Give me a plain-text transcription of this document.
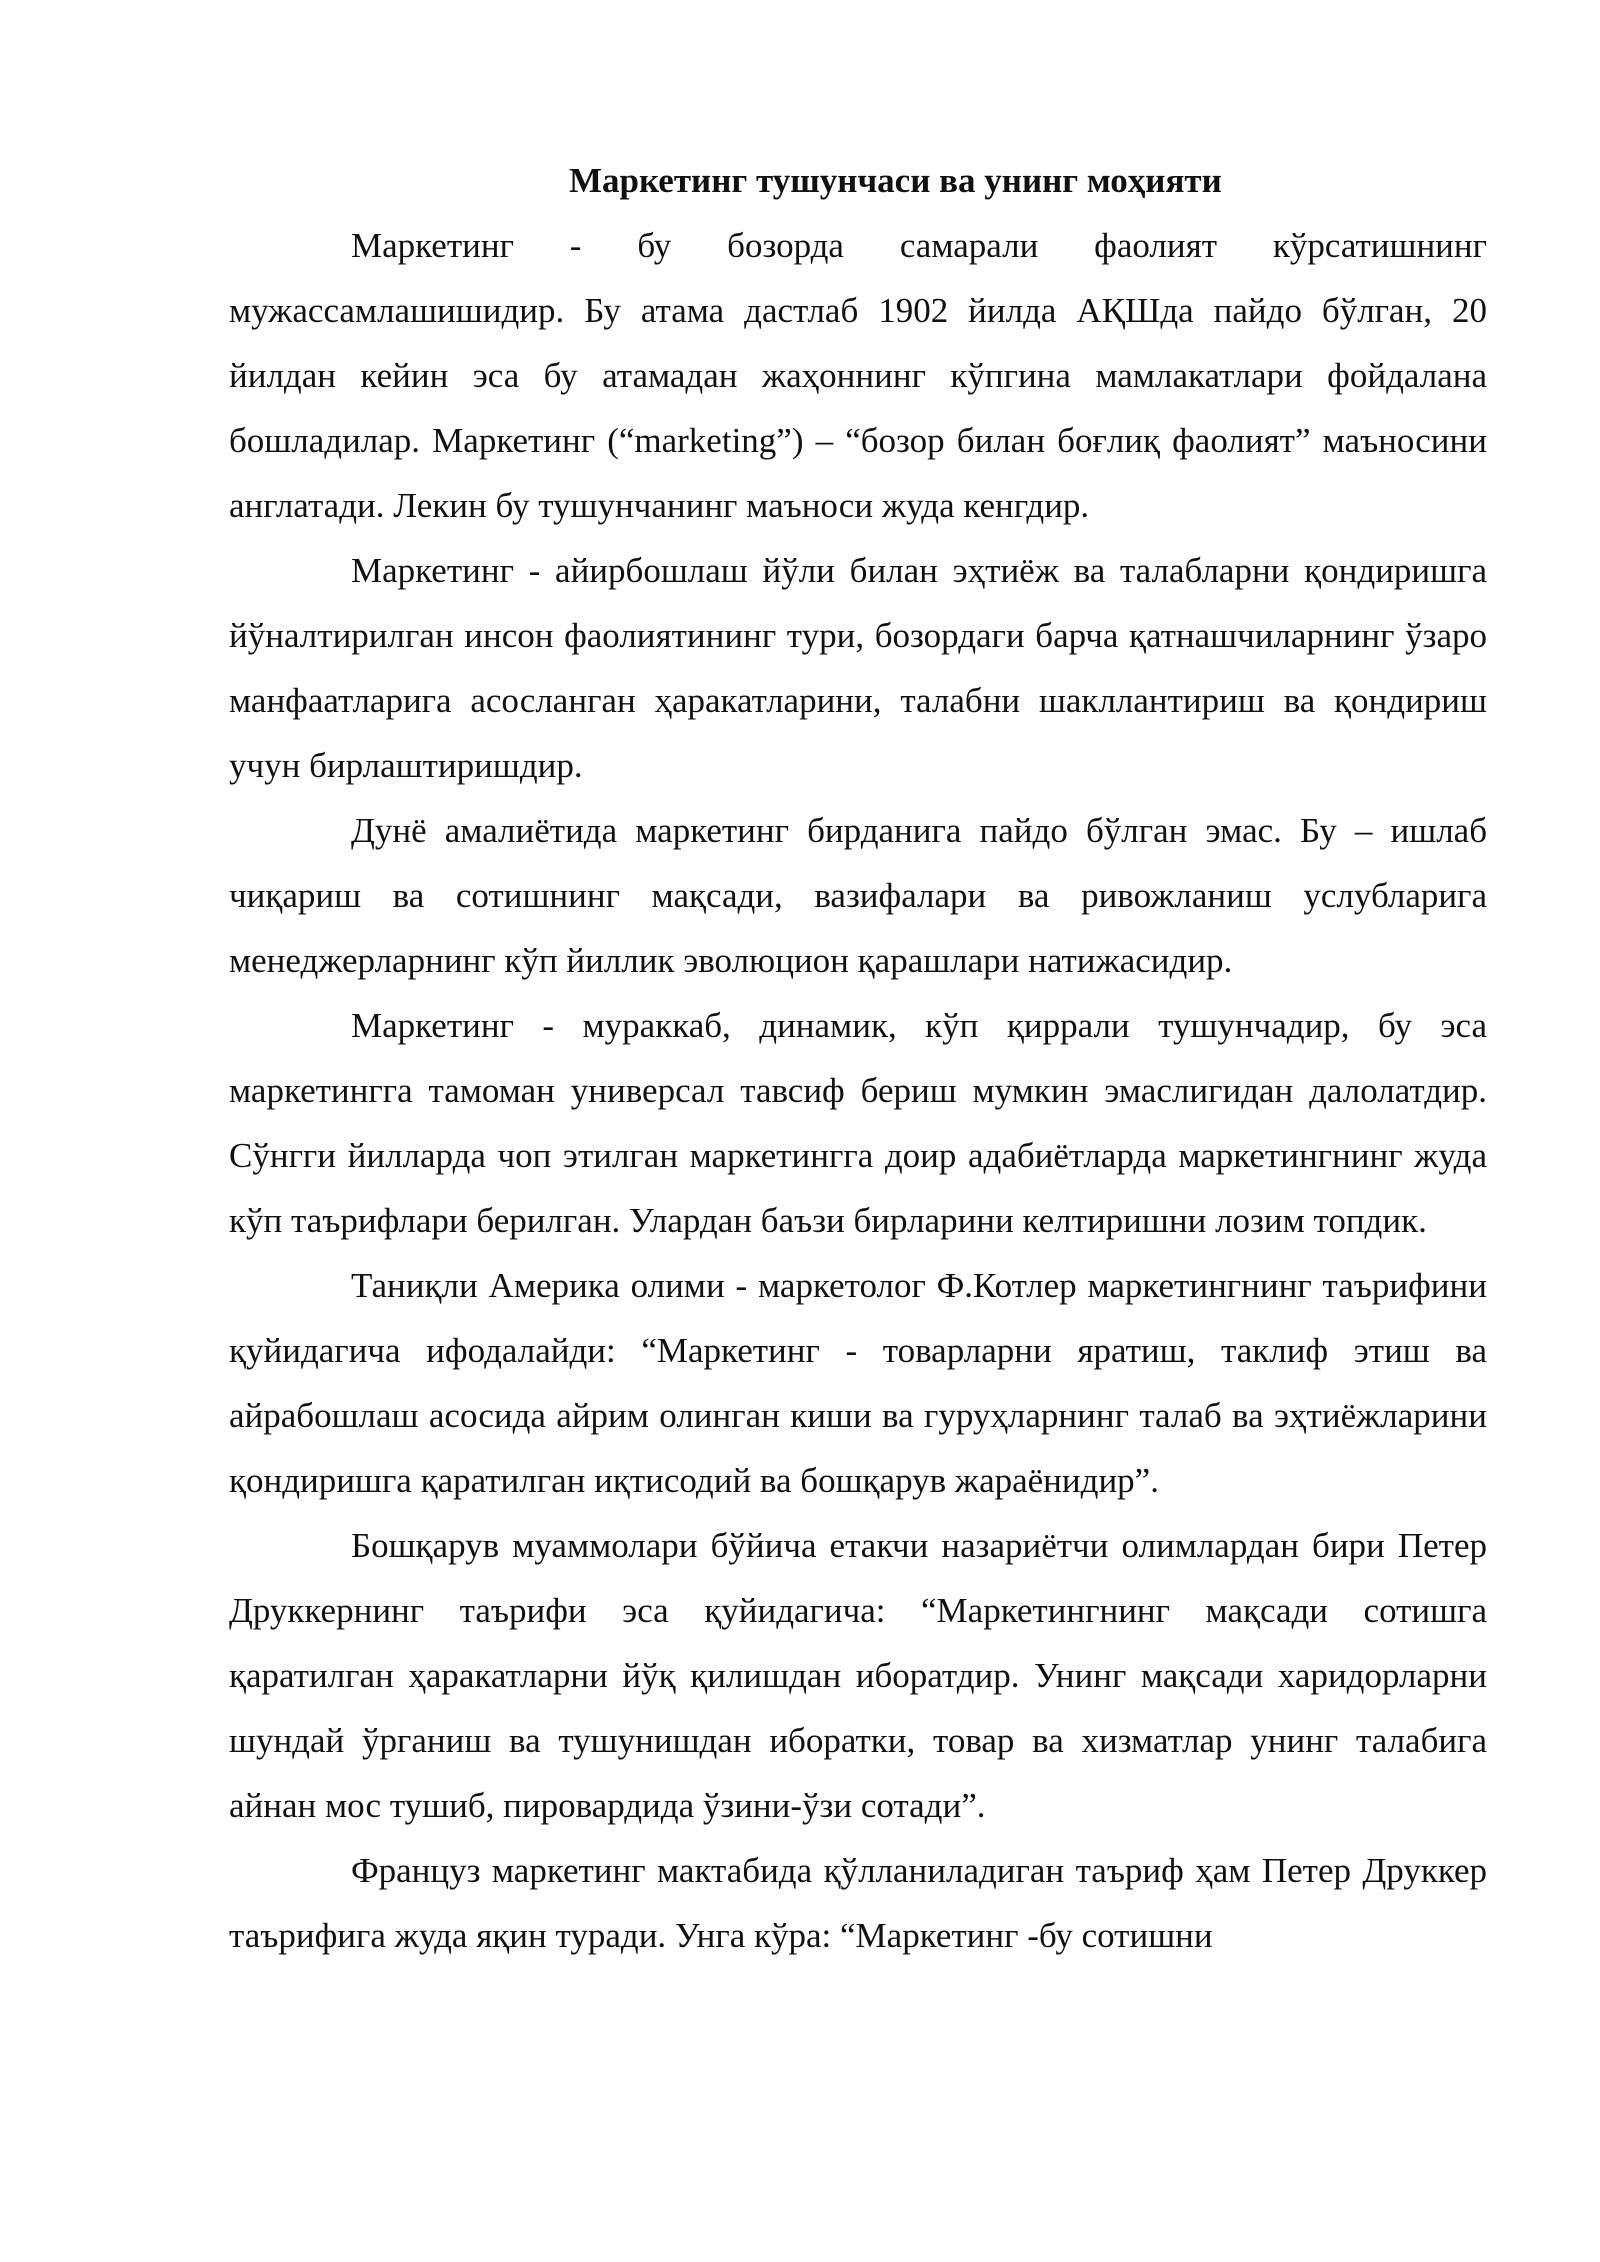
Маркетинг тушунчаси ва унинг моҳияти

Маркетинг - бу бозорда самарали фаолият кўрсатишнинг мужассамлашишидир. Бу атама дастлаб 1902 йилда АҚШда пайдо бўлган, 20 йилдан кейин эса бу атамадан жаҳоннинг кўпгина мамлакатлари фойдалана бошладилар. Маркетинг (“marketing”) – “бозор билан боғлиқ фаолият” маъносини англатади. Лекин бу тушунчанинг маъноси жуда кенгдир.

Маркетинг - айирбошлаш йўли билан эҳтиёж ва талабларни қондиришга йўналтирилган инсон фаолиятининг тури, бозордаги барча қатнашчиларнинг ўзаро манфаатларига асосланган ҳаракатларини, талабни шакллантириш ва қондириш учун бирлаштиришдир.

Дунё амалиётида маркетинг бирданига пайдо бўлган эмас. Бу – ишлаб чиқариш ва сотишнинг мақсади, вазифалари ва ривожланиш услубларига менеджерларнинг кўп йиллик эволюцион қарашлари натижасидир.

Маркетинг - мураккаб, динамик, кўп қиррали тушунчадир, бу эса маркетингга тамоман универсал тавсиф бериш мумкин эмаслигидан далолатдир. Сўнгги йилларда чоп этилган маркетингга доир адабиётларда маркетингнинг жуда кўп таърифлари берилган. Улардан баъзи бирларини келтиришни лозим топдик.

Таниқли Америка олими - маркетолог Ф.Котлер маркетингнинг таърифини қуйидагича ифодалайди: “Маркетинг - товарларни яратиш, таклиф этиш ва айрабошлаш асосида айрим олинган киши ва гуруҳларнинг талаб ва эҳтиёжларини қондиришга қаратилган иқтисодий ва бошқарув жараёнидир”.

Бошқарув муаммолари бўйича етакчи назариётчи олимлардан бири Петер Друккернинг таърифи эса қуйидагича: “Маркетингнинг мақсади сотишга қаратилган ҳаракатларни йўқ қилишдан иборатдир. Унинг мақсади харидорларни шундай ўрганиш ва тушунишдан иборатки, товар ва хизматлар унинг талабига айнан мос тушиб, пировардида ўзини-ўзи сотади”.

Француз маркетинг мактабида қўлланиладиган таъриф ҳам Петер Друккер таърифига жуда яқин туради. Унга кўра: “Маркетинг -бу сотишни
